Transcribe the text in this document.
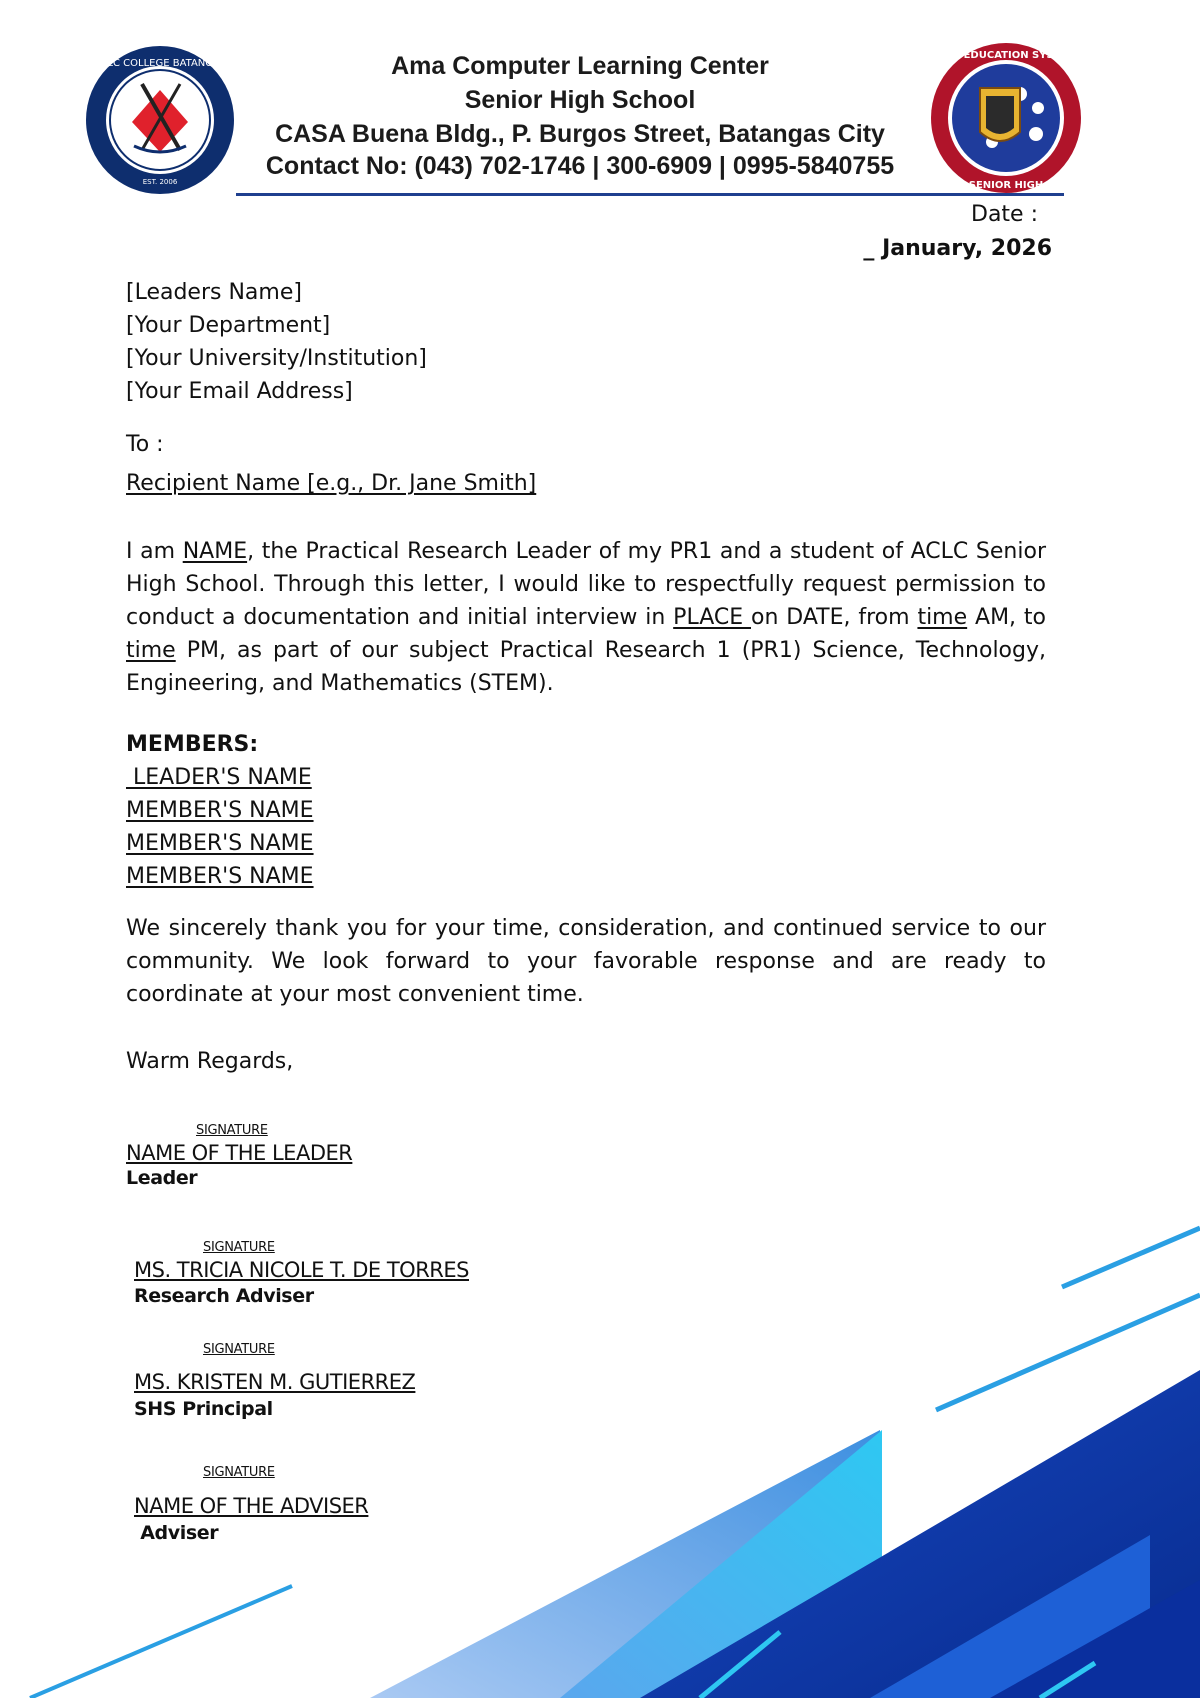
ACLC COLLEGE BATANGAS
EST. 2006
AMA EDUCATION SYSTEM
SENIOR HIGH
Ama Computer Learning Center
Senior High School
CASA Buena Bldg., P. Burgos Street, Batangas City
Contact No: (043) 702-1746 | 300-6909 | 0995-5840755
Date :
_ January, 2026
[Leaders Name]
[Your Department]
[Your University/Institution]
[Your Email Address]
To :
Recipient Name [e.g., Dr. Jane Smith]
I am NAME, the Practical Research Leader of my PR1 and a student of ACLC Senior High School. Through this letter, I would like to respectfully request permission to conduct a documentation and initial interview in PLACE on DATE, from time AM, to time PM, as part of our subject Practical Research 1 (PR1) Science, Technology, Engineering, and Mathematics (STEM).
MEMBERS:
LEADER'S NAME
MEMBER'S NAME
MEMBER'S NAME
MEMBER'S NAME
We sincerely thank you for your time, consideration, and continued service to our community. We look forward to your favorable response and are ready to coordinate at your most convenient time.
Warm Regards,
SIGNATURE
NAME OF THE LEADER
Leader
SIGNATURE
MS. TRICIA NICOLE T. DE TORRES
Research Adviser
SIGNATURE
MS. KRISTEN M. GUTIERREZ
SHS Principal
SIGNATURE
NAME OF THE ADVISER
Adviser
